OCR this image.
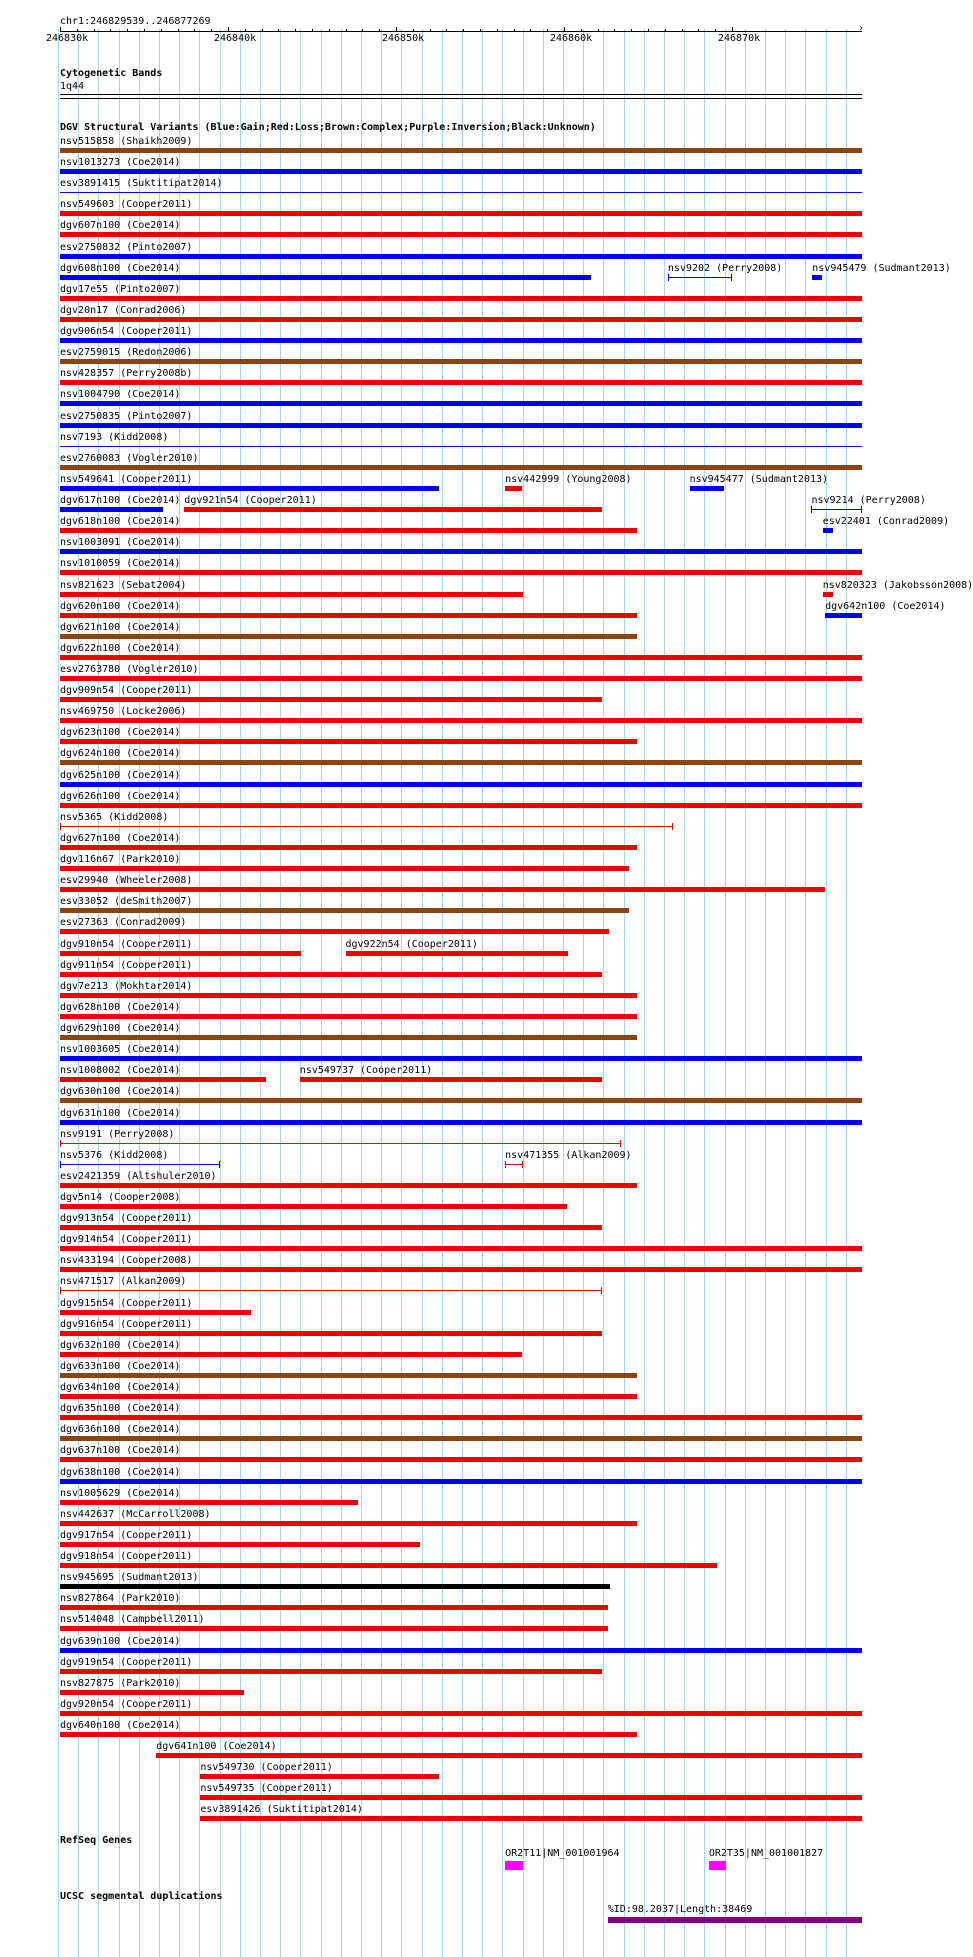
chr1:246829539..246877269
›
246830k	246840k	246850k	246860k	246870k
Cytogenetic Bands
1q44
DGV Structural Variants (Blue:Gain;Red:Loss;Brown:Complex;Purple:Inversion;Black:Unknown)
nsv515858 (Shaikh2009)
nsv1013273 (Coe2014)
esv3891415 (Suktitipat2014)
nsv549603 (Cooper2011)
dgv607n100 (Coe2014)
esv2750832 (Pinto2007)
dgv608n100 (Coe2014)	nsv9202 (Perry2008)	nsv945479 (Sudmant2013)
dgv17e55 (Pinto2007)
dgv20n17 (Conrad2006)
dgv906n54 (Cooper2011)
esv2759015 (Redon2006)
nsv428357 (Perry2008b)
nsv1004790 (Coe2014)
esv2750835 (Pinto2007)
nsv7193 (Kidd2008)
esv2760083 (Vogler2010)
nsv549641 (Cooper2011)	nsv442999 (Young2008)	nsv945477 (Sudmant2013)
dgv617n100 (Coe2014) dgv921n54 (Cooper2011)	nsv9214 (Perry2008)
dgv618n100 (Coe2014)	esv22401 (Conrad2009)
nsv1003091 (Coe2014)
nsv1010059 (Coe2014)
nsv821623 (Sebat2004)	nsv820323 (Jakobsson2008)
dgv620n100 (Coe2014)	dgv642n100 (Coe2014)
dgv621n100 (Coe2014)
dgv622n100 (Coe2014)
esv2763780 (Vogler2010)
dgv909n54 (Cooper2011)
nsv469750 (Locke2006)
dgv623n100 (Coe2014)
dgv624n100 (Coe2014)
dgv625n100 (Coe2014)
dgv626n100 (Coe2014)
nsv5365 (Kidd2008)
dgv627n100 (Coe2014)
dgv116n67 (Park2010)
esv29940 (Wheeler2008)
esv33052 (deSmith2007)
esv27363 (Conrad2009)
dgv910n54 (Cooper2011)	dgv922n54 (Cooper2011)
dgv911n54 (Cooper2011)
dgv7e213 (Mokhtar2014)
dgv628n100 (Coe2014)
dgv629n100 (Coe2014)
nsv1003605 (Coe2014)
nsv1008002 (Coe2014)	nsv549737 (Cooper2011)
dgv630n100 (Coe2014)
dgv631n100 (Coe2014)
nsv9191 (Perry2008)
nsv5376 (Kidd2008)	nsv471355 (Alkan2009)
esv2421359 (Altshuler2010)
dgv5n14 (Cooper2008)
dgv913n54 (Cooper2011)
dgv914n54 (Cooper2011)
nsv433194 (Cooper2008)
nsv471517 (Alkan2009)
dgv915n54 (Cooper2011)
dgv916n54 (Cooper2011)
dgv632n100 (Coe2014)
dgv633n100 (Coe2014)
dgv634n100 (Coe2014)
dgv635n100 (Coe2014)
dgv636n100 (Coe2014)
dgv637n100 (Coe2014)
dgv638n100 (Coe2014)
nsv1005629 (Coe2014)
nsv442637 (McCarroll2008)
dgv917n54 (Cooper2011)
dgv918n54 (Cooper2011)
nsv945695 (Sudmant2013)
nsv827864 (Park2010)
nsv514048 (Campbell2011)
dgv639n100 (Coe2014)
dgv919n54 (Cooper2011)
nsv827875 (Park2010)
dgv920n54 (Cooper2011)
dgv640n100 (Coe2014)
dgv641n100 (Coe2014)
nsv549730 (Cooper2011)
nsv549735 (Cooper2011)
esv3891426 (Suktitipat2014)
RefSeq Genes
OR2T11|NM_001001964	OR2T35|NM_001001827
UCSC segmental duplications
%ID:98.2037|Length:38469
